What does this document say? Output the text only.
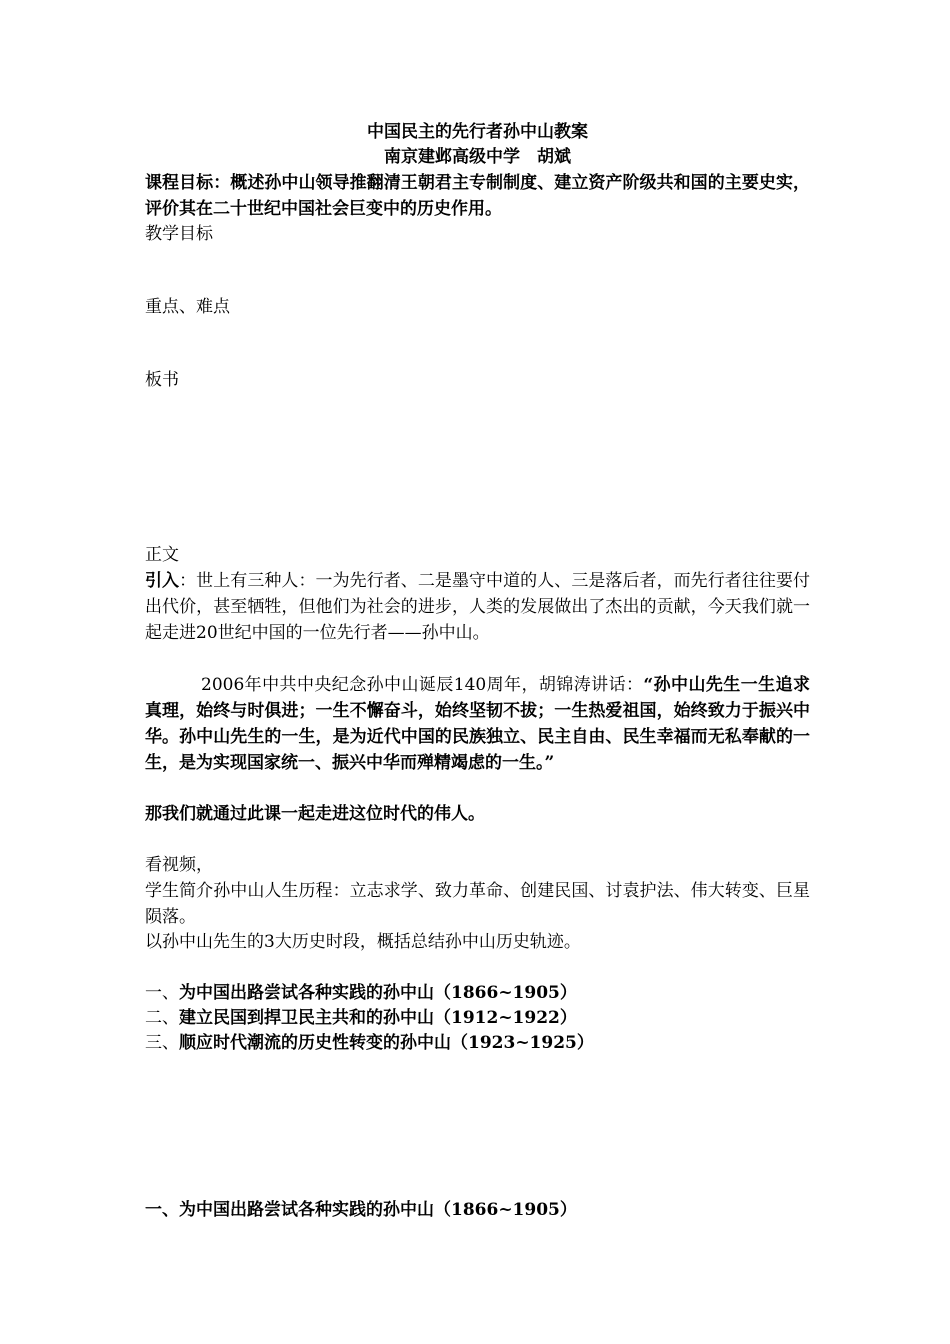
中国民主的先行者孙中山教案
南京建邺高级中学　胡斌
课程目标：概述孙中山领导推翻清王朝君主专制制度、建立资产阶级共和国的主要史实，评价其在二十世纪中国社会巨变中的历史作用。
教学目标
重点、难点
板书
正文
引入：世上有三种人：一为先行者、二是墨守中道的人、三是落后者，而先行者往往要付出代价，甚至牺牲，但他们为社会的进步，人类的发展做出了杰出的贡献，今天我们就一起走进20世纪中国的一位先行者——孙中山。
2006年中共中央纪念孙中山诞辰140周年，胡锦涛讲话：“孙中山先生一生追求真理，始终与时俱进；一生不懈奋斗，始终坚韧不拔；一生热爱祖国，始终致力于振兴中华。孙中山先生的一生，是为近代中国的民族独立、民主自由、民生幸福而无私奉献的一生，是为实现国家统一、振兴中华而殚精竭虑的一生。”
那我们就通过此课一起走进这位时代的伟人。
看视频，
学生简介孙中山人生历程：立志求学、致力革命、创建民国、讨袁护法、伟大转变、巨星陨落。
以孙中山先生的3大历史时段，概括总结孙中山历史轨迹。
一、为中国出路尝试各种实践的孙中山（1866~1905）
二、建立民国到捍卫民主共和的孙中山（1912~1922）
三、顺应时代潮流的历史性转变的孙中山（1923~1925）
一、为中国出路尝试各种实践的孙中山（1866~1905）
